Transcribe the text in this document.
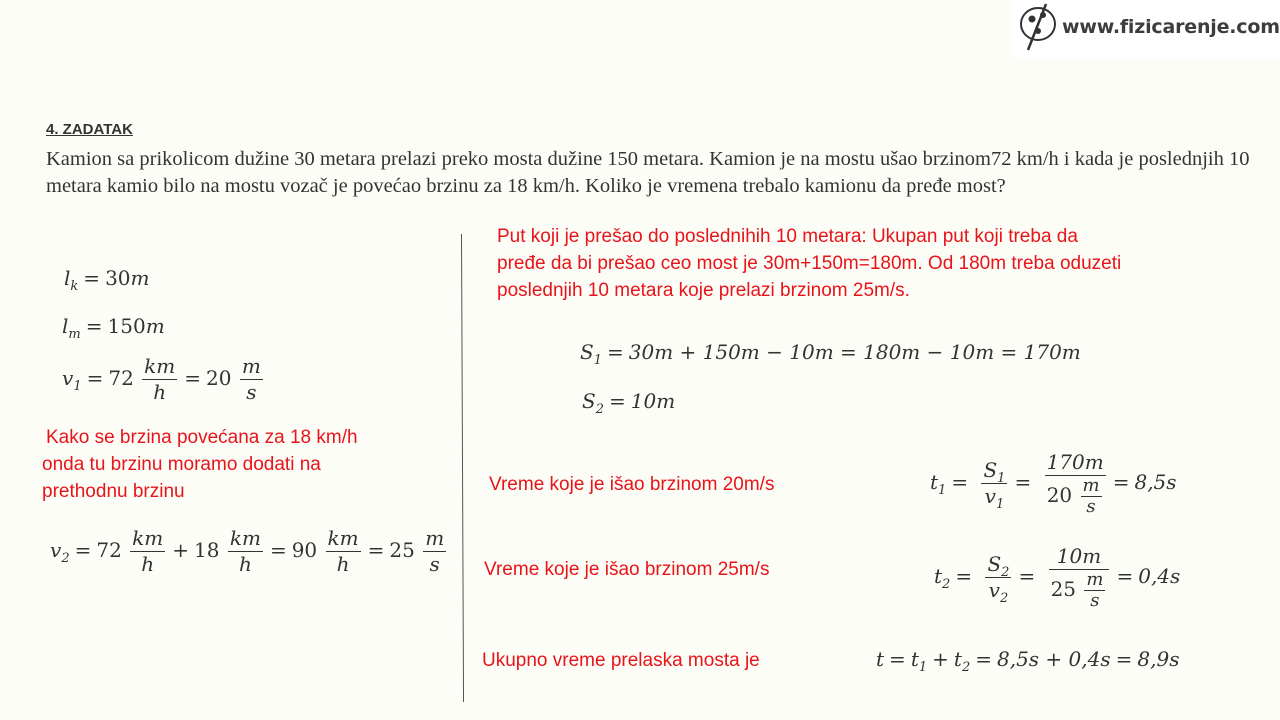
www.fizicarenje.com
4. ZADATAK
Kamion sa prikolicom dužine 30 metara prelazi preko mosta dužine 150 metara. Kamion je na mostu ušao brzinom72 km/h i kada je poslednjih 10 metara kamio bilo na mostu vozač je povećao brzinu za 18 km/h. Koliko je vremena trebalo kamionu da pređe most?
$l_k = 30m$
$l_m = 150m$
$v_1 = 72 \frac{km}{h} = 20 \frac{m}{s}$
Kako se brzina povećana za 18 km/h
onda tu brzinu moramo dodati na
prethodnu brzinu
$v_2 = 72 \frac{km}{h} + 18 \frac{km}{h} = 90 \frac{km}{h} = 25 \frac{m}{s}$
Put koji je prešao do poslednihih 10 metara: Ukupan put koji treba da
pređe da bi prešao ceo most je 30m+150m=180m. Od 180m treba oduzeti
poslednjih 10 metara koje prelazi brzinom 25m/s.
$S_1 = 30m + 150m - 10m = 180m - 10m = 170m$
$S_2 = 10m$
Vreme koje je išao brzinom 20m/s	$t_1 = \frac{S_1}{v_1} = \frac{170m}{20 \frac{m}{s}} = 8,5s$
Vreme koje je išao brzinom 25m/s	$t_2 = \frac{S_2}{v_2} = \frac{10m}{25 \frac{m}{s}} = 0,4s$
Ukupno vreme prelaska mosta je	$t = t_1 + t_2 = 8,5s + 0,4s = 8,9s$
